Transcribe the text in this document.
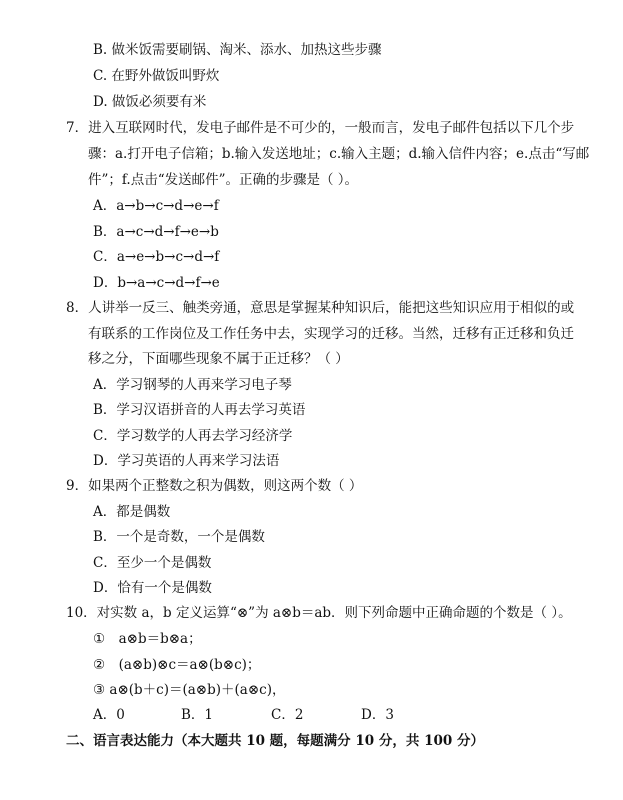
B. 做米饭需要刷锅、淘米、添水、加热这些步骤
C. 在野外做饭叫野炊
D. 做饭必须要有米
7．进入互联网时代，发电子邮件是不可少的，一般而言，发电子邮件包括以下几个步
骤：a.打开电子信箱；b.输入发送地址；c.输入主题；d.输入信件内容；e.点击“写邮
件”；f.点击“发送邮件”。正确的步骤是（ ）。
A．a→b→c→d→e→f
B．a→c→d→f→e→b
C．a→e→b→c→d→f
D．b→a→c→d→f→e
8．人讲举一反三、触类旁通，意思是掌握某种知识后，能把这些知识应用于相似的或
有联系的工作岗位及工作任务中去，实现学习的迁移。当然，迁移有正迁移和负迁
移之分，下面哪些现象不属于正迁移？（ ）
A．学习钢琴的人再来学习电子琴
B．学习汉语拼音的人再去学习英语
C．学习数学的人再去学习经济学
D．学习英语的人再来学习法语
9．如果两个正整数之积为偶数，则这两个数（ ）
A．都是偶数
B．一个是奇数，一个是偶数
C．至少一个是偶数
D．恰有一个是偶数
10．对实数 a，b 定义运算“⊗”为 a⊗b＝ab．则下列命题中正确命题的个数是（ ）。
①　a⊗b＝b⊗a；
②　(a⊗b)⊗c＝a⊗(b⊗c)；
③ a⊗(b＋c)＝(a⊗b)＋(a⊗c)，
A．0	B．1	C．2	D．3
二、语言表达能力（本大题共 10 题，每题满分 10 分，共 100 分）
